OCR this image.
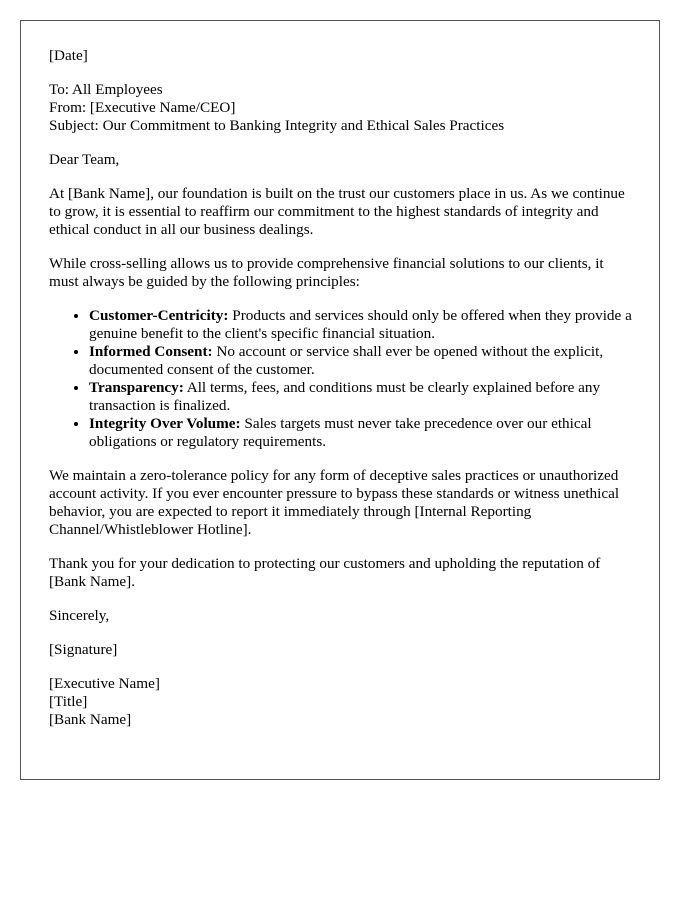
[Date]

To: All Employees

From: [Executive Name/CEO]

Subject: Our Commitment to Banking Integrity and Ethical Sales Practices

Dear Team,

At [Bank Name], our foundation is built on the trust our customers place in us. As we continue to grow, it is essential to reaffirm our commitment to the highest standards of integrity and ethical conduct in all our business dealings.

While cross-selling allows us to provide comprehensive financial solutions to our clients, it must always be guided by the following principles:

• Customer-Centricity: Products and services should only be offered when they provide a genuine benefit to the client's specific financial situation.
• Informed Consent: No account or service shall ever be opened without the explicit, documented consent of the customer.
• Transparency: All terms, fees, and conditions must be clearly explained before any transaction is finalized.
• Integrity Over Volume: Sales targets must never take precedence over our ethical obligations or regulatory requirements.

We maintain a zero-tolerance policy for any form of deceptive sales practices or unauthorized account activity. If you ever encounter pressure to bypass these standards or witness unethical behavior, you are expected to report it immediately through [Internal Reporting Channel/Whistleblower Hotline].

Thank you for your dedication to protecting our customers and upholding the reputation of [Bank Name].

Sincerely,

[Signature]

[Executive Name]

[Title]

[Bank Name]
